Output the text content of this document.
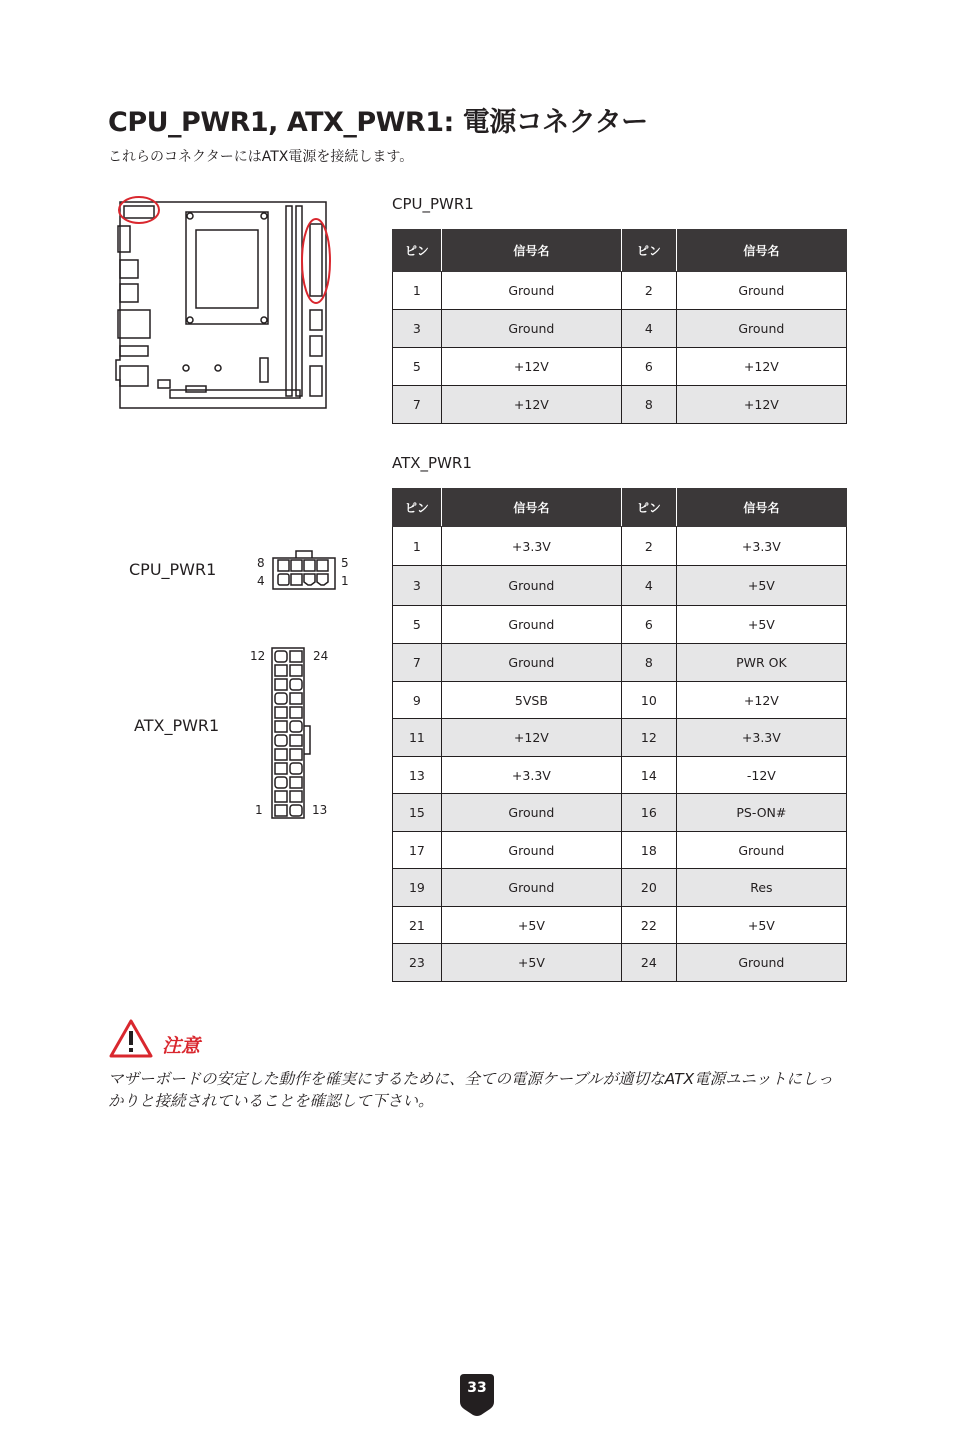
CPU_PWR1, ATX_PWR1: 電源コネクター
これらのコネクターにはATX電源を接続します。
CPU_PWR1
ピン	信号名	ピン	信号名
1	Ground	2	Ground
3	Ground	4	Ground
5	+12V	6	+12V
7	+12V	8	+12V
ATX_PWR1
ピン	信号名	ピン	信号名
1	+3.3V	2	+3.3V
3	Ground	4	+5V
5	Ground	6	+5V
7	Ground	8	PWR OK
9	5VSB	10	+12V
11	+12V	12	+3.3V
13	+3.3V	14	-12V
15	Ground	16	PS-ON#
17	Ground	18	Ground
19	Ground	20	Res
21	+5V	22	+5V
23	+5V	24	Ground
CPU_PWR1	8
4
5
1
ATX_PWR1
12	24
1	13
注意
マザーボードの安定した動作を確実にするために、全ての電源ケーブルが適切なATX電源ユニットにしっかりと接続されていることを確認して下さい。
33
